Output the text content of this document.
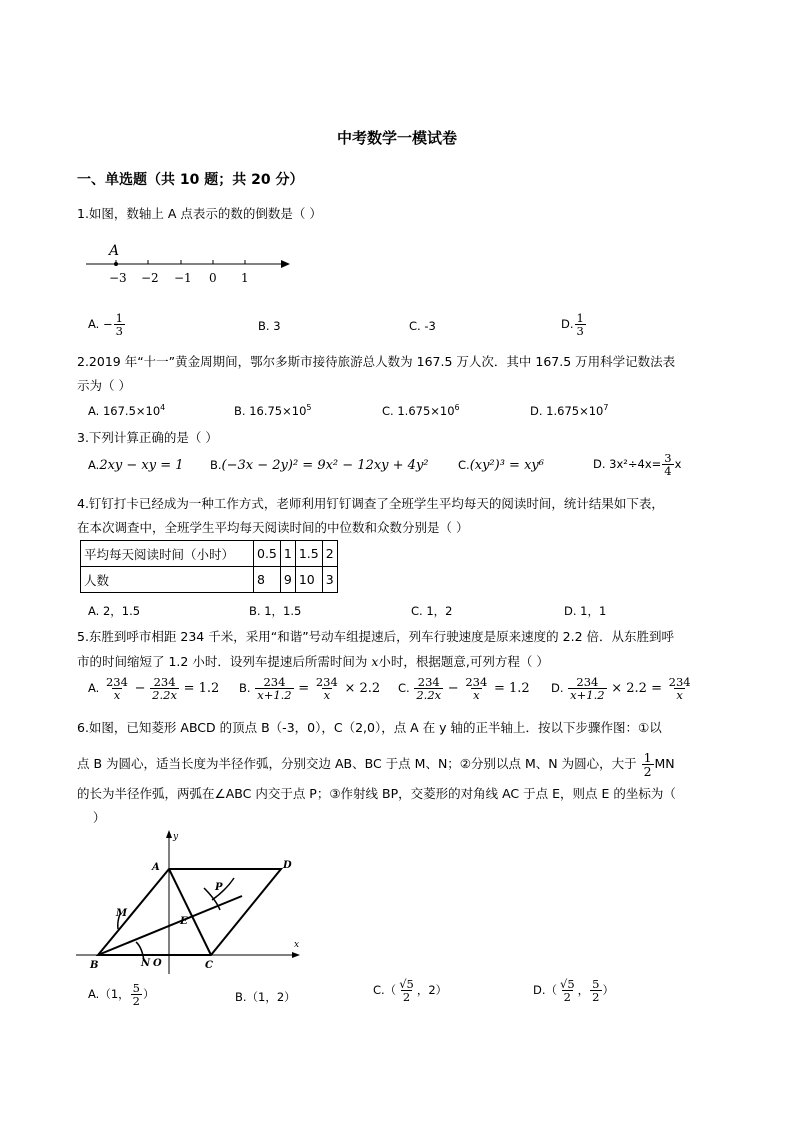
中考数学一模试卷
一、单选题（共 10 题；共 20 分）
1.如图，数轴上 A 点表示的数的倒数是（ ）
A
−3 −2 −1 0 1
A. − $\frac{1}{3}$	B. 3	C. -3	D. $\frac{1}{3}$
2.2019 年“十一”黄金周期间，鄂尔多斯市接待旅游总人数为 167.5 万人次．其中 167.5 万用科学记数法表
示为（ ）
A. $167.5\times 10^4$	B. $16.75\times 10^5$	C. $1.675\times 10^6$	D. $1.675\times 10^7$
3.下列计算正确的是（ ）
A.2xy − xy = 1 B.(−3x − 2y)² = 9x² − 12xy + 4y²	C.(xy²)³ = xy⁶	D. $3x^2\div 4x= \frac{3}{4}$ x
4.钉钉打卡已经成为一种工作方式，老师利用钉钉调查了全班学生平均每天的阅读时间，统计结果如下表，
在本次调查中，全班学生平均每天阅读时间的中位数和众数分别是（ ）
平均每天阅读时间（小时）	0.5	1	1.5	2
人数	8	9	10	3
A. 2，1.5	B. 1，1.5	C. 1，2	D. 1，1
5.东胜到呼市相距 234 千米，采用“和谐”号动车组提速后，列车行驶速度是原来速度的 2.2 倍．从东胜到呼
市的时间缩短了 1.2 小时．设列车提速后所需时间为 x小时，根据题意,可列方程（ ）
A. $\frac{234}{x} - \frac{234}{2.2x} = 1.2$ B. $\frac{234}{x+1.2} = \frac{234}{x} \times 2.2$ C. $\frac{234}{2.2x} - \frac{234}{x} = 1.2$ D. $\frac{234}{x+1.2} \times 2.2 = \frac{234}{x}$
6.如图，已知菱形 ABCD 的顶点 B（-3，0），C（2,0），点 A 在 y 轴的正半轴上．按以下步骤作图：①以
点 B 为圆心，适当长度为半径作弧，分别交边 AB、BC 于点 M、N；②分别以点 M、N 为圆心，大于 $\frac{1}{2}$ MN
的长为半径作弧，两弧在∠ABC 内交于点 P；③作射线 BP，交菱形的对角线 AC 于点 E，则点 E 的坐标为（
）
y
x
A	D
P
M
E
B	N O	C
A.（1， $\frac{5}{2}$ ）	B.（1，2）	$C.( \frac{√5}{2}$ ，2）	$D.( \frac{√5}{2}$ ， $\frac{5}{2}$ ）
